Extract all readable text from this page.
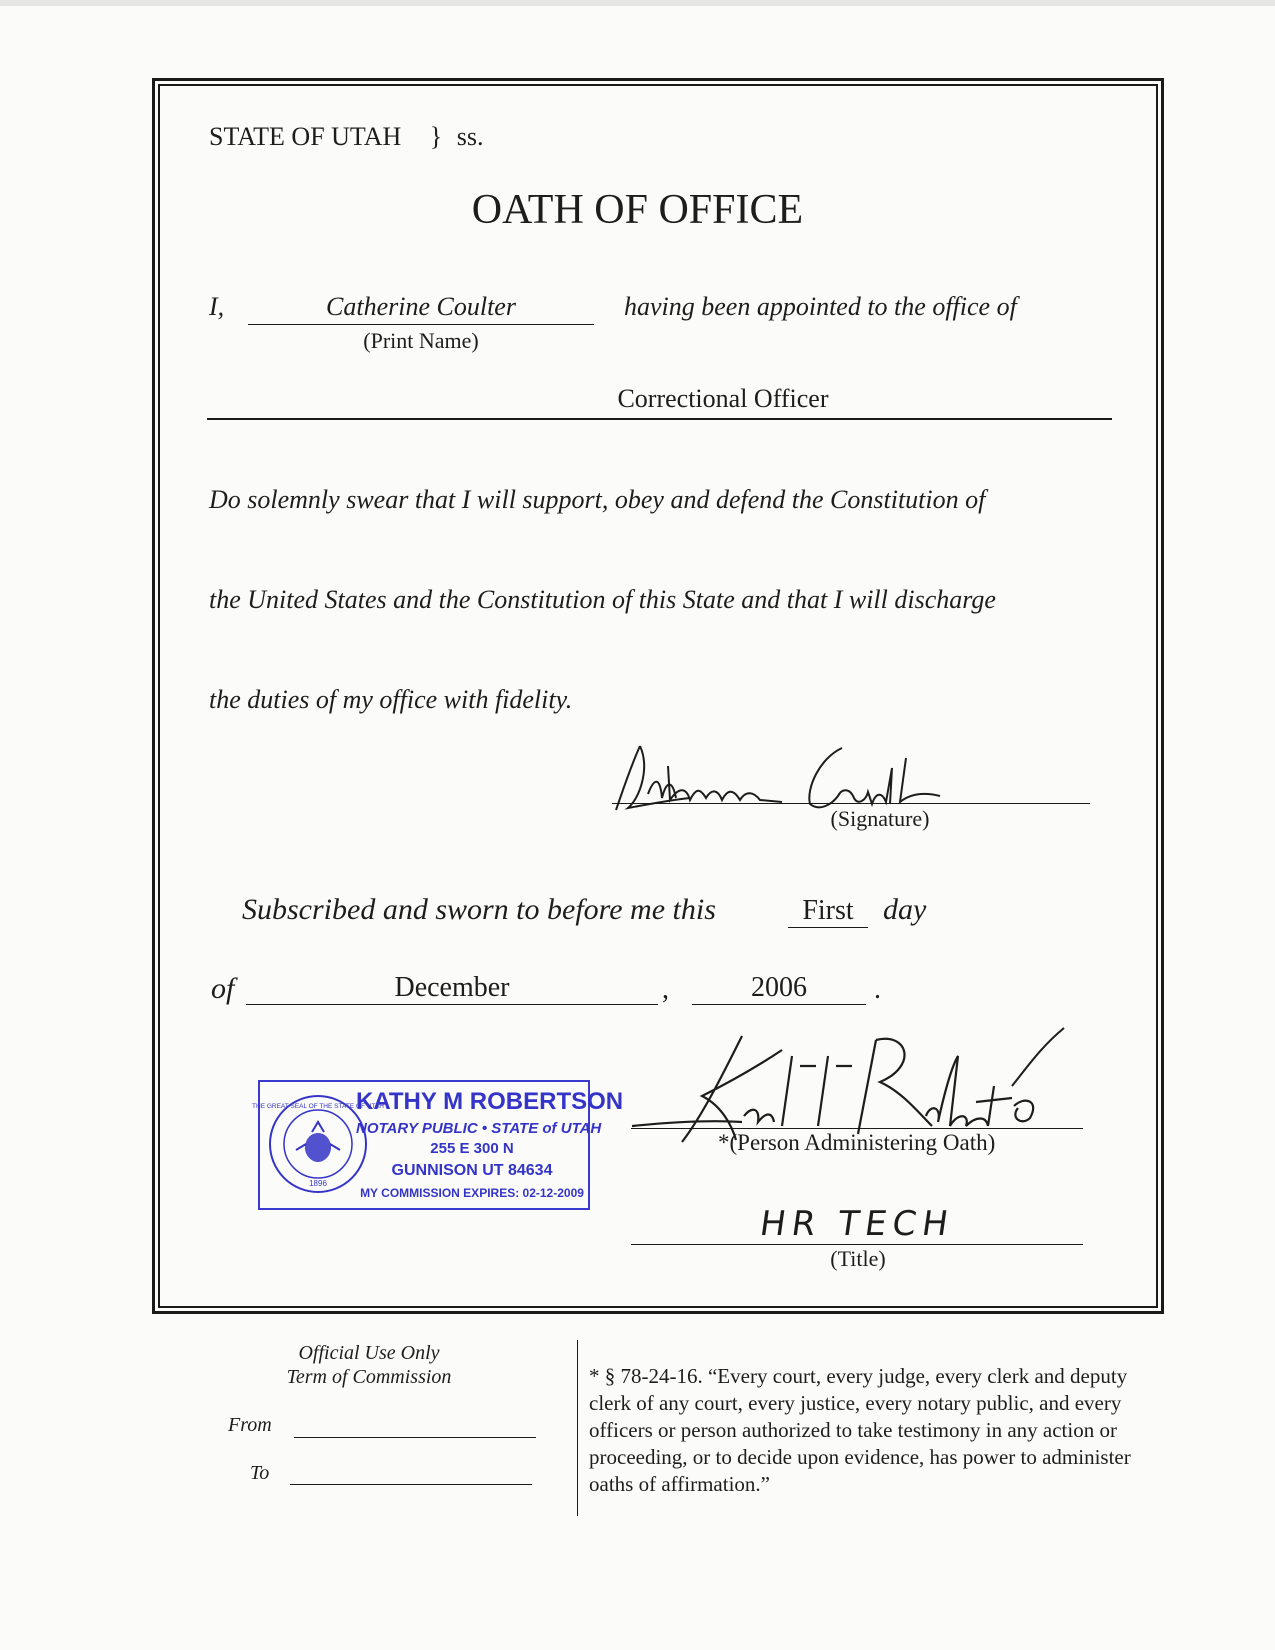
STATE OF UTAH } ss.
OATH OF OFFICE
I,	Catherine Coulter
(Print Name)
having been appointed to the office of
Correctional Officer
Do solemnly swear that I will support, obey and defend the Constitution of
the United States and the Constitution of this State and that I will discharge
the duties of my office with fidelity.
(Signature)
Subscribed and sworn to before me this	First day
of	December	,	2006	.
1896
THE GREAT SEAL OF THE STATE OF UTAH
KATHY M ROBERTSON
NOTARY PUBLIC • STATE of UTAH
255 E 300 N
GUNNISON UT 84634
MY COMMISSION EXPIRES: 02-12-2009
*(Person Administering Oath)
HR TECH
(Title)
Official Use Only
Term of Commission
From
To
* § 78-24-16. “Every court, every judge, every clerk and deputy clerk of any court, every justice, every notary public, and every officers or person authorized to take testimony in any action or proceeding, or to decide upon evidence, has power to administer oaths of affirmation.”
